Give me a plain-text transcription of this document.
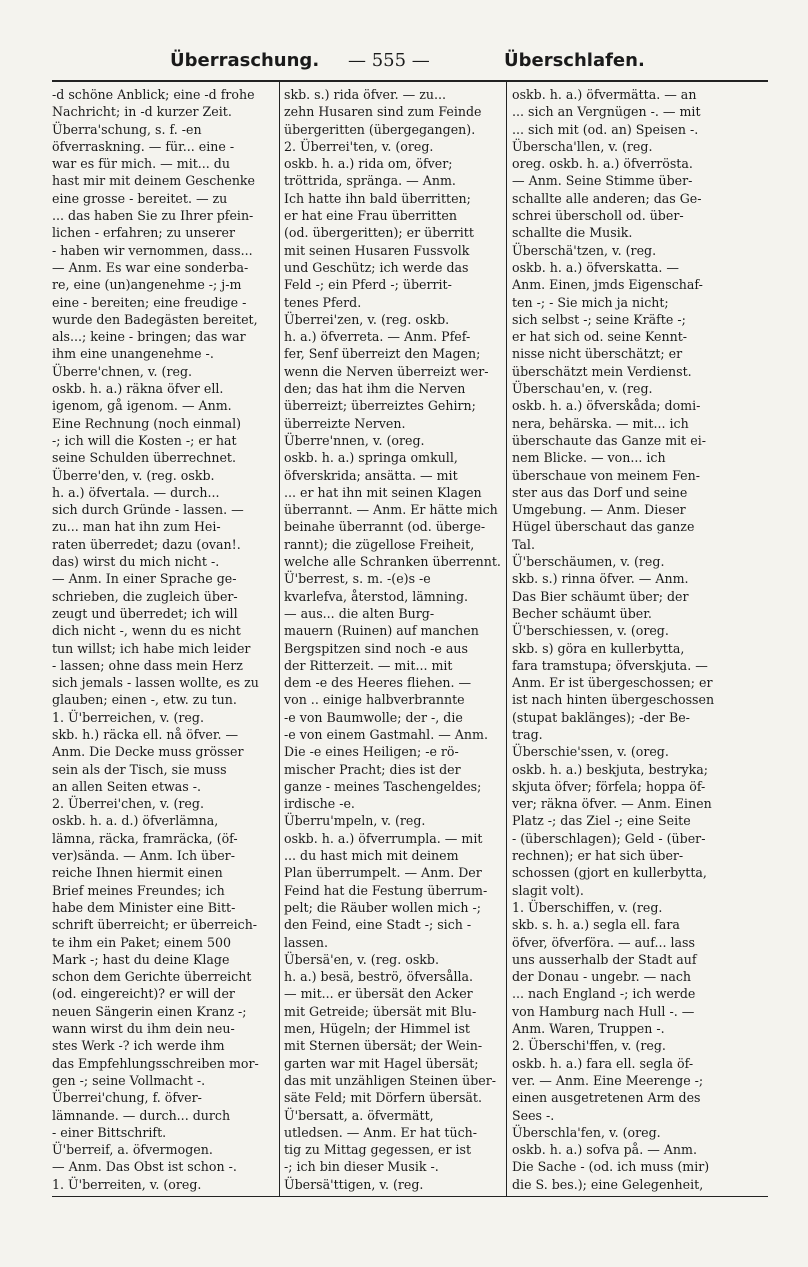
Überraschung. — 555 —	Überschlafen.

-d schöne Anblick; eine -d frohe

Nachricht; in -d kurzer Zeit.

Überra'schung, s. f. -en

öfverraskning. — für... eine -

war es für mich. — mit... du

hast mir mit deinem Geschenke

eine grosse - bereitet. — zu

... das haben Sie zu Ihrer pfein-

lichen - erfahren; zu unserer

- haben wir vernommen, dass...

— Anm. Es war eine sonderba-

re, eine (un)angenehme -; j-m

eine - bereiten; eine freudige -

wurde den Badegästen bereitet,

als...; keine - bringen; das war

ihm eine unangenehme -.

Überre'chnen, v. (reg.

oskb. h. a.) räkna öfver ell.

igenom, gå igenom. — Anm.

Eine Rechnung (noch einmal)

-; ich will die Kosten -; er hat

seine Schulden überrechnet.

Überre'den, v. (reg. oskb.

h. a.) öfvertala. — durch...

sich durch Gründe - lassen. —

zu... man hat ihn zum Hei-

raten überredet; dazu (ovan!.

das) wirst du mich nicht -.

— Anm. In einer Sprache ge-

schrieben, die zugleich über-

zeugt und überredet; ich will

dich nicht -, wenn du es nicht

tun willst; ich habe mich leider

- lassen; ohne dass mein Herz

sich jemals - lassen wollte, es zu

glauben; einen -, etw. zu tun.

1. Ü'berreichen, v. (reg.

skb. h.) räcka ell. nå öfver. —

Anm. Die Decke muss grösser

sein als der Tisch, sie muss

an allen Seiten etwas -.

2. Überrei'chen, v. (reg.

oskb. h. a. d.) öfverlämna,

lämna, räcka, framräcka, (öf-

ver)sända. — Anm. Ich über-

reiche Ihnen hiermit einen

Brief meines Freundes; ich

habe dem Minister eine Bitt-

schrift überreicht; er überreich-

te ihm ein Paket; einem 500

Mark -; hast du deine Klage

schon dem Gerichte überreicht

(od. eingereicht)? er will der

neuen Sängerin einen Kranz -;

wann wirst du ihm dein neu-

stes Werk -? ich werde ihm

das Empfehlungsschreiben mor-

gen -; seine Vollmacht -.

Überrei'chung, f. öfver-

lämnande. — durch... durch

- einer Bittschrift.

Ü'berreif, a. öfvermogen.

— Anm. Das Obst ist schon -.

1. Ü'berreiten, v. (oreg.

skb. s.) rida öfver. — zu...

zehn Husaren sind zum Feinde

übergeritten (übergegangen).

2. Überrei'ten, v. (oreg.

oskb. h. a.) rida om, öfver;

tröttrida, spränga. — Anm.

Ich hatte ihn bald überritten;

er hat eine Frau überritten

(od. übergeritten); er überritt

mit seinen Husaren Fussvolk

und Geschütz; ich werde das

Feld -; ein Pferd -; überrit-

tenes Pferd.

Überrei'zen, v. (reg. oskb.

h. a.) öfverreta. — Anm. Pfef-

fer, Senf überreizt den Magen;

wenn die Nerven überreizt wer-

den; das hat ihm die Nerven

überreizt; überreiztes Gehirn;

überreizte Nerven.

Überre'nnen, v. (oreg.

oskb. h. a.) springa omkull,

öfverskrida; ansätta. — mit

... er hat ihn mit seinen Klagen

überrannt. — Anm. Er hätte mich

beinahe überrannt (od. übergе-

rannt); die zügellose Freiheit,

welche alle Schranken überrennt.

Ü'berrest, s. m. -(e)s -e

kvarlefva, återstod, lämning.

— aus... die alten Burg-

mauern (Ruinen) auf manchen

Bergspitzen sind noch -e aus

der Ritterzeit. — mit... mit

dem -e des Heeres fliehen. —

von .. einige halbverbrannte

-e von Baumwolle; der -, die

-e von einem Gastmahl. — Anm.

Die -e eines Heiligen; -e rö-

mischer Pracht; dies ist der

ganze - meines Taschengeldes;

irdische -e.

Überru'mpeln, v. (reg.

oskb. h. a.) öfverrumpla. — mit

... du hast mich mit deinem

Plan überrumpelt. — Anm. Der

Feind hat die Festung überrum-

pelt; die Räuber wollen mich -;

den Feind, eine Stadt -; sich -

lassen.

Übersä'en, v. (reg. oskb.

h. a.) besä, beströ, öfversålla.

— mit... er übersät den Acker

mit Getreide; übersät mit Blu-

men, Hügeln; der Himmel ist

mit Sternen übersät; der Wein-

garten war mit Hagel übersät;

das mit unzähligen Steinen über-

säte Feld; mit Dörfern übersät.

Ü'bersatt, a. öfvermätt,

utledsen. — Anm. Er hat tüch-

tig zu Mittag gegessen, er ist

-; ich bin dieser Musik -.

Übersä'ttigen, v. (reg.

oskb. h. a.) öfvermätta. — an

... sich an Vergnügen -. — mit

... sich mit (od. an) Speisen -.

Überscha'llen, v. (reg.

oreg. oskb. h. a.) öfverrösta.

— Anm. Seine Stimme über-

schallte alle anderen; das Ge-

schrei überscholl od. über-

schallte die Musik.

Überschä'tzen, v. (reg.

oskb. h. a.) öfverskatta. —

Anm. Einen, jmds Eigenschaf-

ten -; - Sie mich ja nicht;

sich selbst -; seine Kräfte -;

er hat sich od. seine Kennt-

nisse nicht überschätzt; er

überschätzt mein Verdienst.

Überschau'en, v. (reg.

oskb. h. a.) öfverskåda; domi-

nera, behärska. — mit... ich

überschaute das Ganze mit ei-

nem Blicke. — von... ich

überschaue von meinem Fen-

ster aus das Dorf und seine

Umgebung. — Anm. Dieser

Hügel überschaut das ganze

Tal.

Ü'berschäumen, v. (reg.

skb. s.) rinna öfver. — Anm.

Das Bier schäumt über; der

Becher schäumt über.

Ü'berschiessen, v. (oreg.

skb. s) göra en kullerbytta,

fara tramstupa; öfverskjuta. —

Anm. Er ist übergeschossen; er

ist nach hinten übergeschossen

(stupat baklänges); -der Be-

trag.

Überschie'ssen, v. (oreg.

oskb. h. a.) beskjuta, bestryka;

skjuta öfver; förfela; hoppa öf-

ver; räkna öfver. — Anm. Einen

Platz -; das Ziel -; eine Seite

- (überschlagen); Geld - (über-

rechnen); er hat sich über-

schossen (gjort en kullerbytta,

slagit volt).

1. Überschiffen, v. (reg.

skb. s. h. a.) segla ell. fara

öfver, öfverföra. — auf... lass

uns ausserhalb der Stadt auf

der Donau - ungebr. — nach

... nach England -; ich werde

von Hamburg nach Hull -. —

Anm. Waren, Truppen -.

2. Überschi'ffen, v. (reg.

oskb. h. a.) fara ell. segla öf-

ver. — Anm. Eine Meerenge -;

einen ausgetretenen Arm des

Sees -.

Überschla'fen, v. (oreg.

oskb. h. a.) sofva på. — Anm.

Die Sache - (od. ich muss (mir)

die S. bes.); eine Gelegenheit,
